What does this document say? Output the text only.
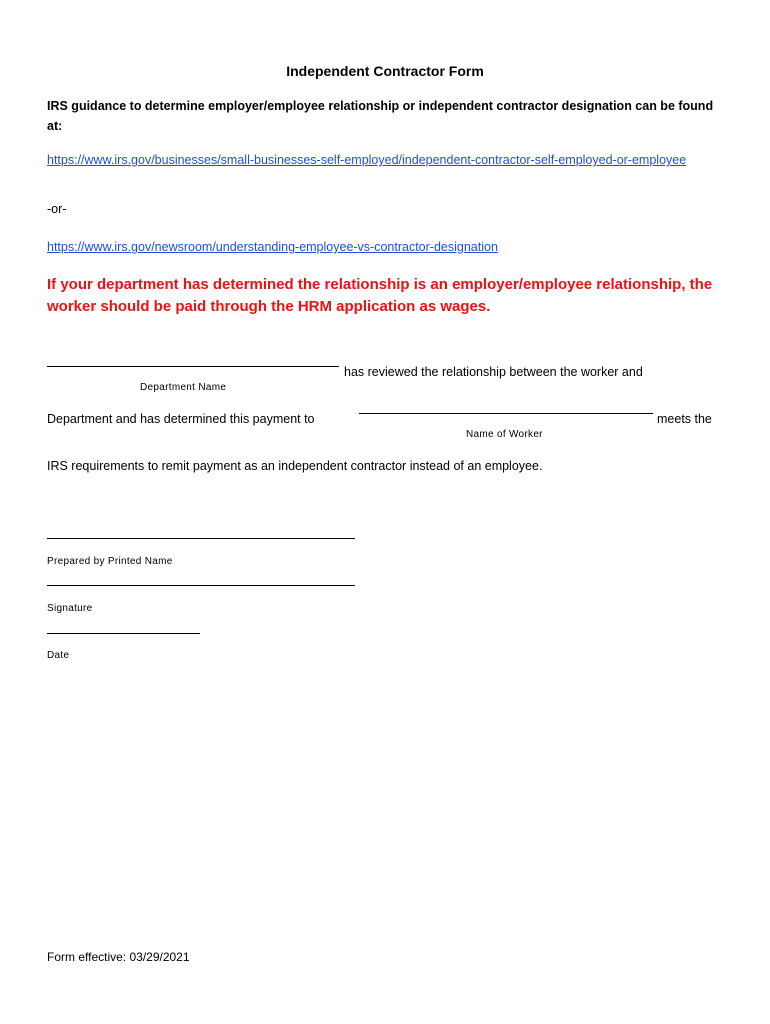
Independent Contractor Form
IRS guidance to determine employer/employee relationship or independent contractor designation can be found at:
https://www.irs.gov/businesses/small-businesses-self-employed/independent-contractor-self-employed-or-employee
-or-
https://www.irs.gov/newsroom/understanding-employee-vs-contractor-designation
If your department has determined the relationship is an employer/employee relationship, the worker should be paid through the HRM application as wages.
has reviewed the relationship between the worker and
Department Name
Department and has determined this payment to	meets the
Name of Worker
IRS requirements to remit payment as an independent contractor instead of an employee.
Prepared by Printed Name
Signature
Date
Form effective: 03/29/2021
